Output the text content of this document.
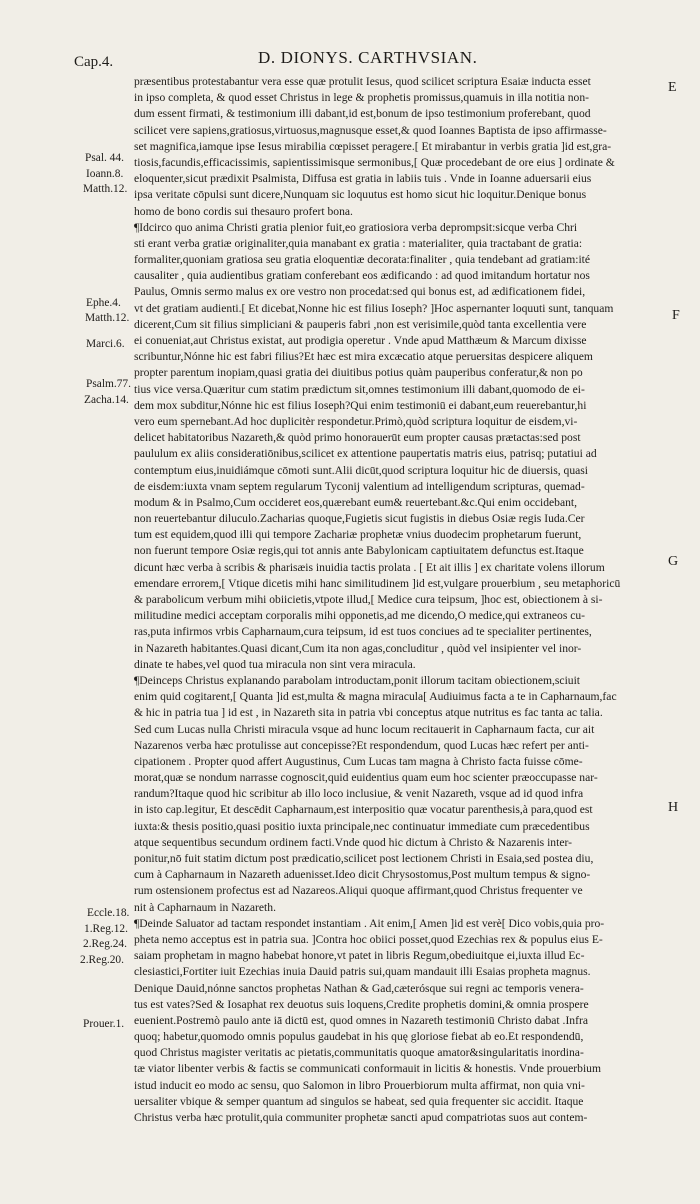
Cap.4.	D. DIONYS. CARTHVSIAN.
E
F
G
H
Psal. 44.
Ioann.8.
Matth.12.
Ephe.4.
Matth.12.
Marci.6.
Psalm.77.
Zacha.14.
Eccle.18.
1.Reg.12.
2.Reg.24.
2.Reg.20.
Prouer.1.
præsentibus protestabantur vera esse quæ protulit Iesus, quod scilicet scriptura Esaiæ inducta esset
in ipso completa, & quod esset Christus in lege & prophetis promissus,quamuis in illa notitia non-
dum essent firmati, & testimonium illi dabant,id est,bonum de ipso testimonium proferebant, quod
scilicet vere sapiens,gratiosus,virtuosus,magnusque esset,& quod Ioannes Baptista de ipso affirmasse-
set magnifica,iamque ipse Iesus mirabilia cœpisset peragere.[ Et mirabantur in verbis gratia ]id est,gra-
tiosis,facundis,efficacissimis, sapientissimisque sermonibus,[ Quæ procedebant de ore eius ] ordinate &
eloquenter,sicut prædixit Psalmista, Diffusa est gratia in labiis tuis . Vnde in Ioanne aduersarii eius
ipsa veritate cōpulsi sunt dicere,Nunquam sic loquutus est homo sicut hic loquitur.Denique bonus
homo de bono cordis sui thesauro profert bona.
¶Idcirco quo anima Christi gratia plenior fuit,eo gratiosiora verba deprompsit:sicque verba Chri
sti erant verba gratiæ originaliter,quia manabant ex gratia : materialiter, quia tractabant de gratia:
formaliter,quoniam gratiosa seu gratia eloquentiæ decorata:finaliter , quia tendebant ad gratiam:ité
causaliter , quia audientibus gratiam conferebant eos ædificando : ad quod imitandum hortatur nos
Paulus, Omnis sermo malus ex ore vestro non procedat:sed qui bonus est, ad ædificationem fidei,
vt det gratiam audienti.[ Et dicebat,Nonne hic est filius Ioseph? ]Hoc aspernanter loquuti sunt, tanquam
dicerent,Cum sit filius simpliciani & pauperis fabri ,non est verisimile,quòd tanta excellentia vere
ei conueniat,aut Christus existat, aut prodigia operetur . Vnde apud Matthæum & Marcum dixisse
scribuntur,Nónne hic est fabri filius?Et hæc est mira excæcatio atque peruersitas despicere aliquem
propter parentum inopiam,quasi gratia dei diuitibus potius quàm pauperibus conferatur,& non po
tius vice versa.Quæritur cum statim prædictum sit,omnes testimonium illi dabant,quomodo de ei-
dem mox subditur,Nónne hic est filius Ioseph?Qui enim testimoniū ei dabant,eum reuerebantur,hi
vero eum spernebant.Ad hoc duplicitèr respondetur.Primò,quòd scriptura loquitur de eisdem,vi-
delicet habitatoribus Nazareth,& quòd primo honorauerūt eum propter causas prætactas:sed post
paululum ex aliis consideratiōnibus,scilicet ex attentione paupertatis matris eius, patrisq; putatiui ad
contemptum eius,inuidiámque cōmoti sunt.Alii dicūt,quod scriptura loquitur hic de diuersis, quasi
de eisdem:iuxta vnam septem regularum Tyconij valentium ad intelligendum scripturas, quemad-
modum & in Psalmo,Cum occideret eos,quærebant eum& reuertebant.&c.Qui enim occidebant,
non reuertebantur diluculo.Zacharias quoque,Fugietis sicut fugistis in diebus Osiæ regis Iuda.Cer
tum est equidem,quod illi qui tempore Zachariæ prophetæ vnius duodecim prophetarum fuerunt,
non fuerunt tempore Osiæ regis,qui tot annis ante Babylonicam captiuitatem defunctus est.Itaque
dicunt hæc verba à scribis & pharisæis inuidia tactis prolata . [ Et ait illis ] ex charitate volens illorum
emendare errorem,[ Vtique dicetis mihi hanc similitudinem ]id est,vulgare prouerbium , seu metaphoricū
& parabolicum verbum mihi obiicietis,vtpote illud,[ Medice cura teipsum, ]hoc est, obiectionem à si-
militudine medici acceptam corporalis mihi opponetis,ad me dicendo,O medice,qui extraneos cu-
ras,puta infirmos vrbis Capharnaum,cura teipsum, id est tuos conciues ad te specialiter pertinentes,
in Nazareth habitantes.Quasi dicant,Cum ita non agas,concluditur , quòd vel insipienter vel inor-
dinate te habes,vel quod tua miracula non sint vera miracula.
¶Deinceps Christus explanando parabolam introductam,ponit illorum tacitam obiectionem,sciuit
enim quid cogitarent,[ Quanta ]id est,multa & magna miracula[ Audiuimus facta a te in Capharnaum,fac
& hic in patria tua ] id est , in Nazareth sita in patria vbi conceptus atque nutritus es fac tanta ac talia.
Sed cum Lucas nulla Christi miracula vsque ad hunc locum recitauerit in Capharnaum facta, cur ait
Nazarenos verba hæc protulisse aut concepisse?Et respondendum, quod Lucas hæc refert per anti-
cipationem . Propter quod affert Augustinus, Cum Lucas tam magna à Christo facta fuisse cōme-
morat,quæ se nondum narrasse cognoscit,quid euidentius quam eum hoc scienter præoccupasse nar-
randum?Itaque quod hic scribitur ab illo loco inclusiue, & venit Nazareth, vsque ad id quod infra
in isto cap.legitur, Et descēdit Capharnaum,est interpositio quæ vocatur parenthesis,à para,quod est
iuxta:& thesis positio,quasi positio iuxta principale,nec continuatur immediate cum præcedentibus
atque sequentibus secundum ordinem facti.Vnde quod hic dictum à Christo & Nazarenis inter-
ponitur,nō fuit statim dictum post prædicatio,scilicet post lectionem Christi in Esaia,sed postea diu,
cum à Capharnaum in Nazareth aduenisset.Ideo dicit Chrysostomus,Post multum tempus & signo-
rum ostensionem profectus est ad Nazareos.Aliqui quoque affirmant,quod Christus frequenter ve
nit à Capharnaum in Nazareth.
¶Deinde Saluator ad tactam respondet instantiam . Ait enim,[ Amen ]id est verè[ Dico vobis,quia pro-
pheta nemo acceptus est in patria sua. ]Contra hoc obiici posset,quod Ezechias rex & populus eius E-
saiam prophetam in magno habebat honore,vt patet in libris Regum,obediuitque ei,iuxta illud Ec-
clesiastici,Fortiter iuit Ezechias inuia Dauid patris sui,quam mandauit illi Esaias propheta magnus.
Denique Dauid,nónne sanctos prophetas Nathan & Gad,cæterósque sui regni ac temporis venera-
tus est vates?Sed & Iosaphat rex deuotus suis loquens,Credite prophetis domini,& omnia prospere
euenient.Postremò paulo ante iā dictū est, quod omnes in Nazareth testimoniū Christo dabat .Infra
quoq; habetur,quomodo omnis populus gaudebat in his quę gloriose fiebat ab eo.Et respondendū,
quod Christus magister veritatis ac pietatis,communitatis quoque amator&singularitatis inordina-
tæ viator libenter verbis & factis se communicati conformauit in licitis & honestis. Vnde prouerbium
istud inducit eo modo ac sensu, quo Salomon in libro Prouerbiorum multa affirmat, non quia vni-
uersaliter vbique & semper quantum ad singulos se habeat, sed quia frequenter sic accidit. Itaque
Christus verba hæc protulit,quia communiter prophetæ sancti apud compatriotas suos aut contem-
